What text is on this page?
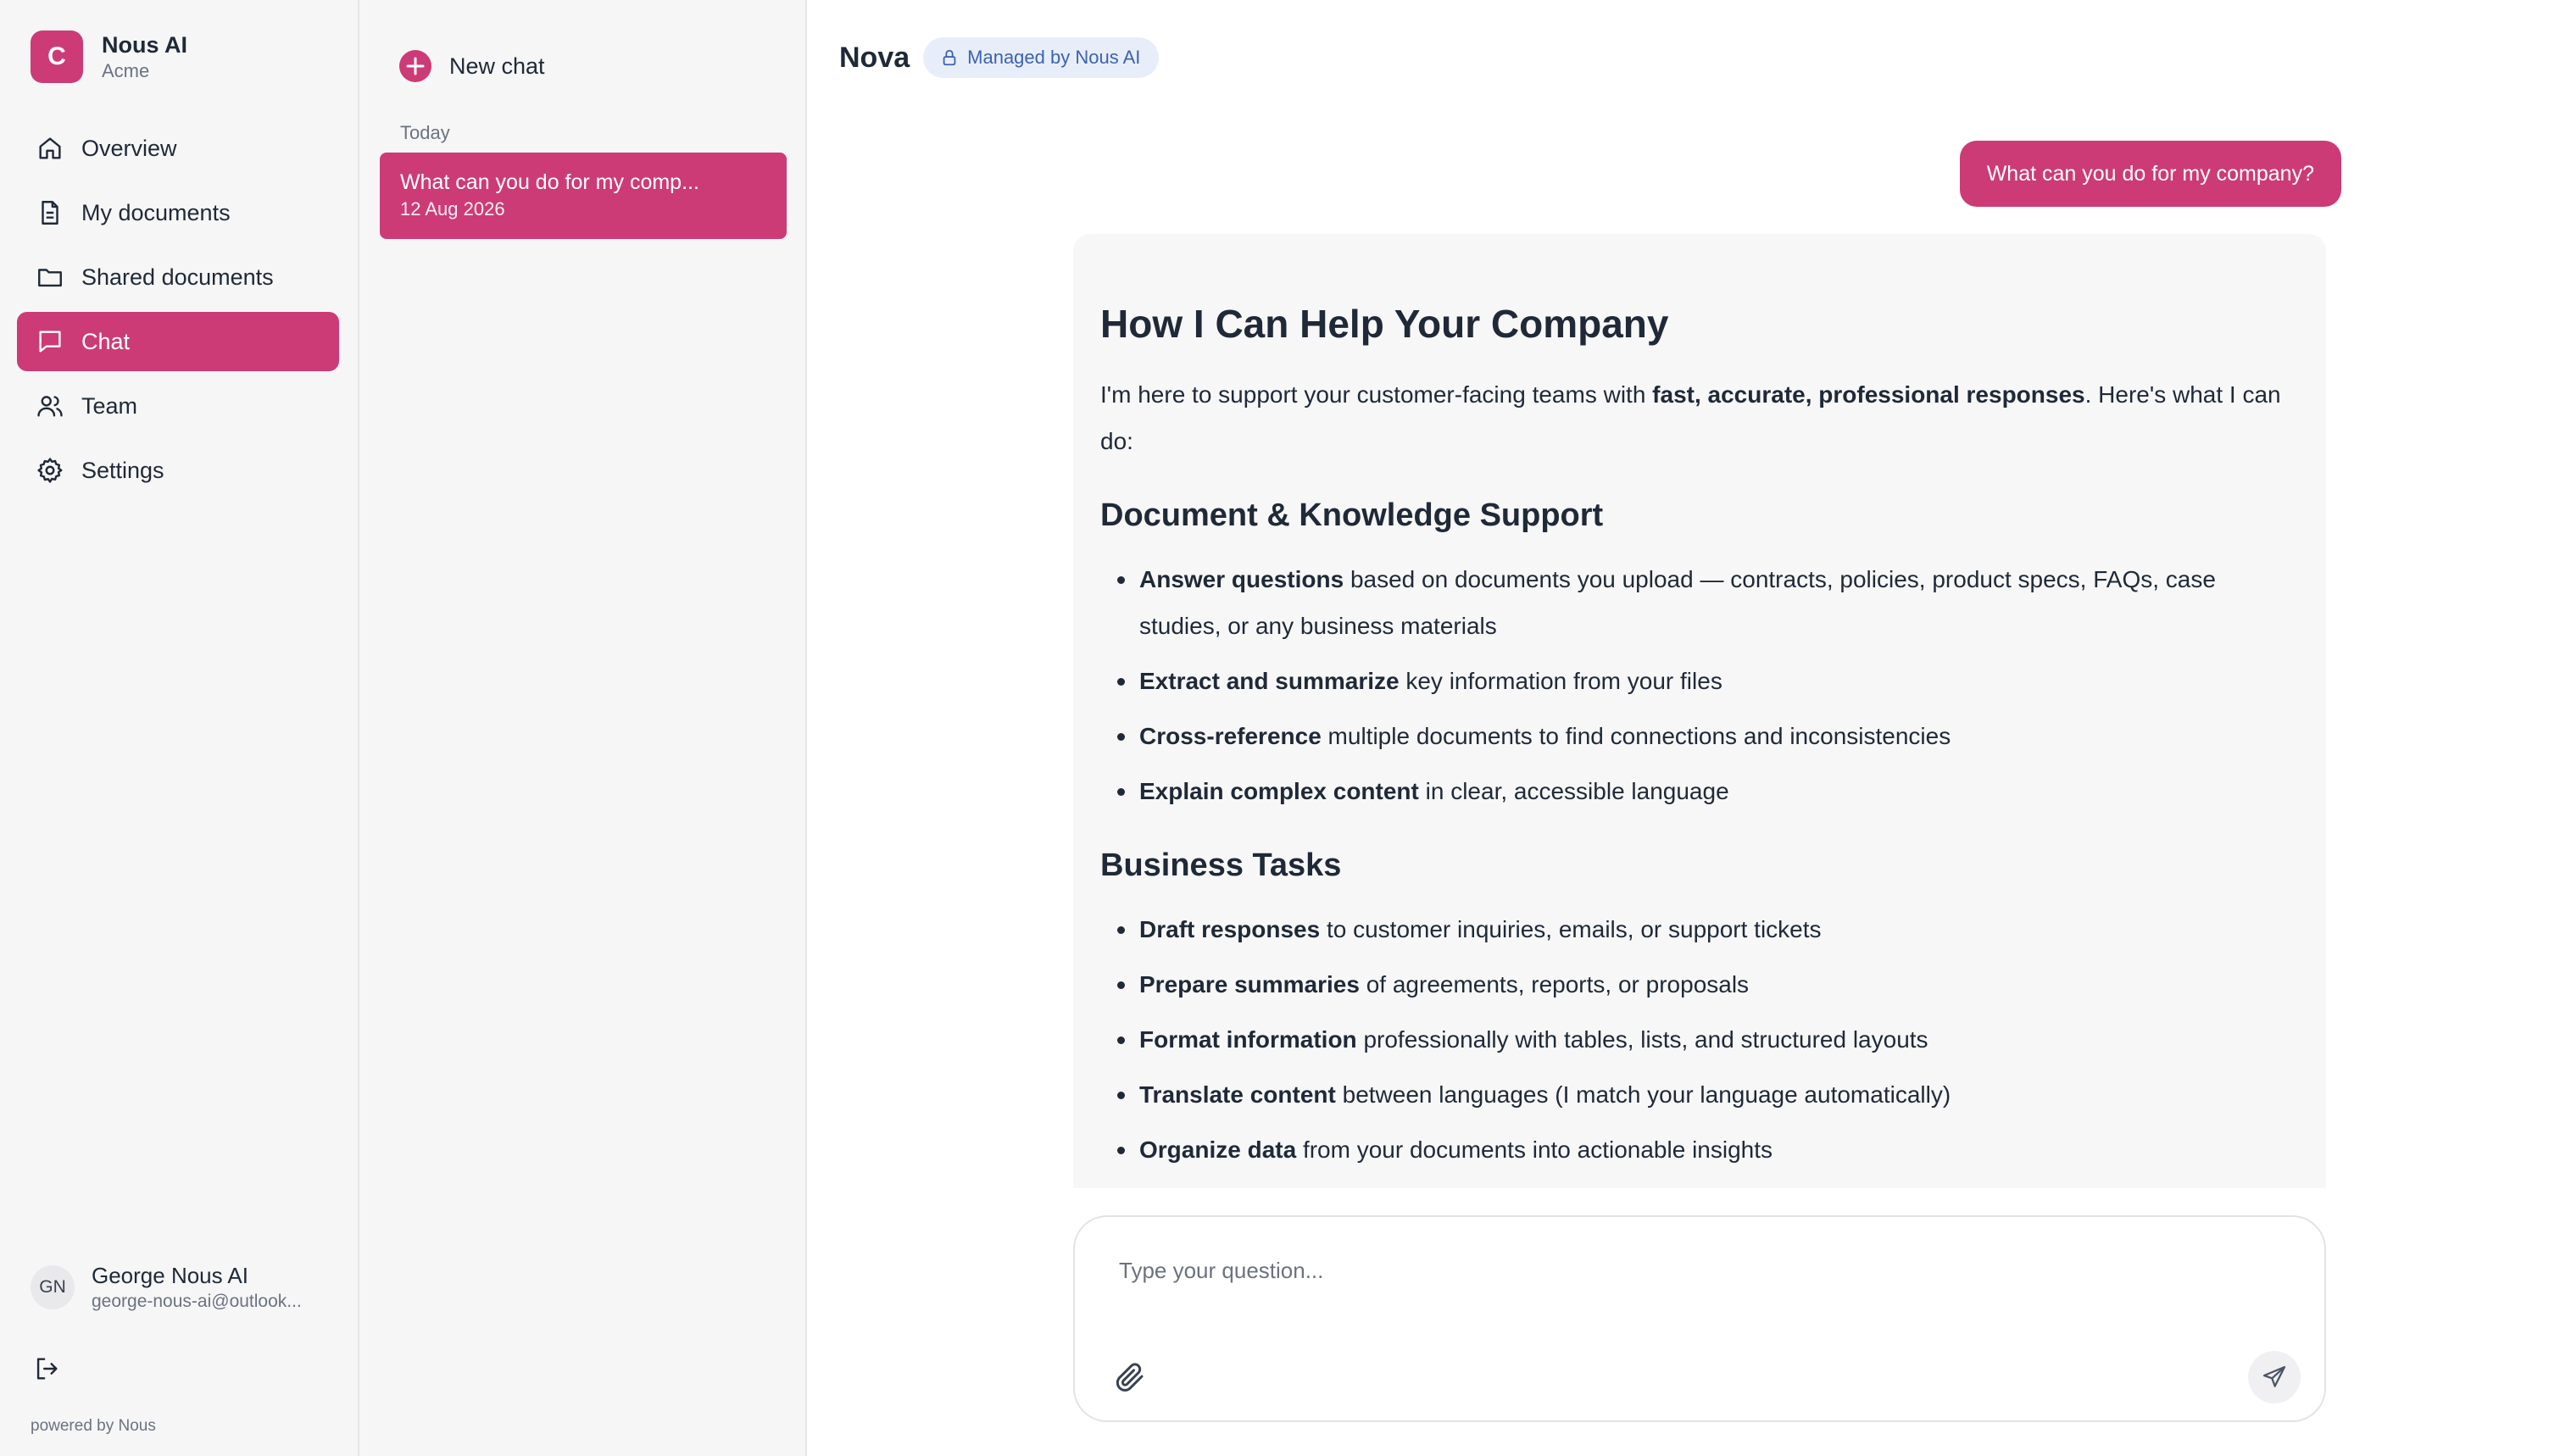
C	Nous AI
Acme
Overview
My documents
Shared documents
Chat
Team
Settings
GN	George Nous AI
george-nous-ai@outlook...
powered by Nous
New chat
Today
What can you do for my comp...
12 Aug 2026
Nova	Managed by Nous AI
What can you do for my company?
How I Can Help Your Company

I'm here to support your customer-facing teams with fast, accurate, professional responses. Here's what I can do:

Document & Knowledge Support
Answer questions based on documents you upload — contracts, policies, product specs, FAQs, case studies, or any business materials
Extract and summarize key information from your files
Cross-reference multiple documents to find connections and inconsistencies
Explain complex content in clear, accessible language
Business Tasks
Draft responses to customer inquiries, emails, or support tickets
Prepare summaries of agreements, reports, or proposals
Format information professionally with tables, lists, and structured layouts
Translate content between languages (I match your language automatically)
Organize data from your documents into actionable insights
Type your question...
